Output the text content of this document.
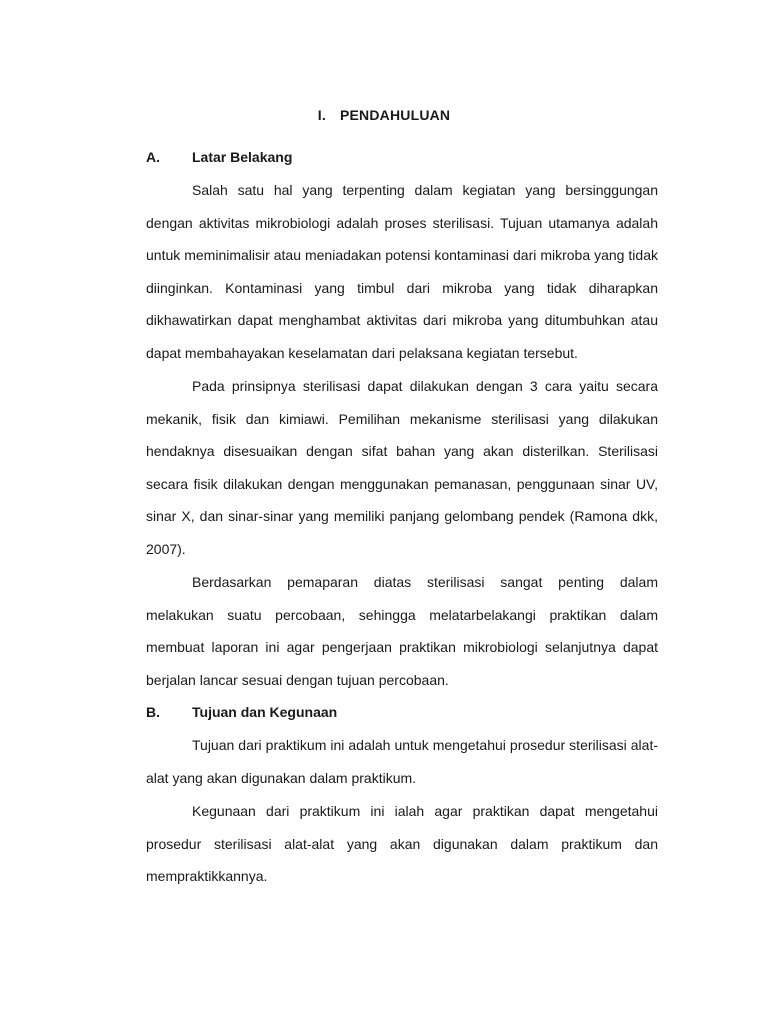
I. PENDAHULUAN
A. Latar Belakang

Salah satu hal yang terpenting dalam kegiatan yang bersinggungan dengan aktivitas mikrobiologi adalah proses sterilisasi. Tujuan utamanya adalah untuk meminimalisir atau meniadakan potensi kontaminasi dari mikroba yang tidak diinginkan. Kontaminasi yang timbul dari mikroba yang tidak diharapkan dikhawatirkan dapat menghambat aktivitas dari mikroba yang ditumbuhkan atau dapat membahayakan keselamatan dari pelaksana kegiatan tersebut.

Pada prinsipnya sterilisasi dapat dilakukan dengan 3 cara yaitu secara mekanik, fisik dan kimiawi. Pemilihan mekanisme sterilisasi yang dilakukan hendaknya disesuaikan dengan sifat bahan yang akan disterilkan. Sterilisasi secara fisik dilakukan dengan menggunakan pemanasan, penggunaan sinar UV, sinar X, dan sinar-sinar yang memiliki panjang gelombang pendek (Ramona dkk, 2007).

Berdasarkan pemaparan diatas sterilisasi sangat penting dalam melakukan suatu percobaan, sehingga melatarbelakangi praktikan dalam membuat laporan ini agar pengerjaan praktikan mikrobiologi selanjutnya dapat berjalan lancar sesuai dengan tujuan percobaan.

B. Tujuan dan Kegunaan

Tujuan dari praktikum ini adalah untuk mengetahui prosedur sterilisasi alat-alat yang akan digunakan dalam praktikum.

Kegunaan dari praktikum ini ialah agar praktikan dapat mengetahui prosedur sterilisasi alat-alat yang akan digunakan dalam praktikum dan mempraktikkannya.
